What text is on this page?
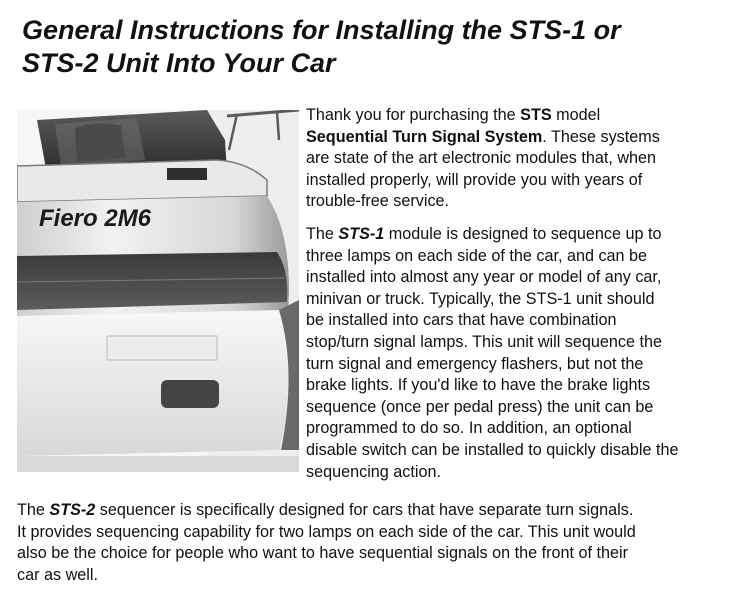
General Instructions for Installing the STS-1 or
STS-2 Unit Into Your Car
Fiero 2M6

Thank you for purchasing the STS model
Sequential Turn Signal System. These systems
are state of the art electronic modules that, when
installed properly, will provide you with years of
trouble-free service.

The STS-1 module is designed to sequence up to
three lamps on each side of the car, and can be
installed into almost any year or model of any car,
minivan or truck. Typically, the STS-1 unit should
be installed into cars that have combination
stop/turn signal lamps. This unit will sequence the
turn signal and emergency flashers, but not the
brake lights. If you'd like to have the brake lights
sequence (once per pedal press) the unit can be
programmed to do so. In addition, an optional
disable switch can be installed to quickly disable the
sequencing action.

The STS-2 sequencer is specifically designed for cars that have separate turn signals.
It provides sequencing capability for two lamps on each side of the car. This unit would
also be the choice for people who want to have sequential signals on the front of their
car as well.
